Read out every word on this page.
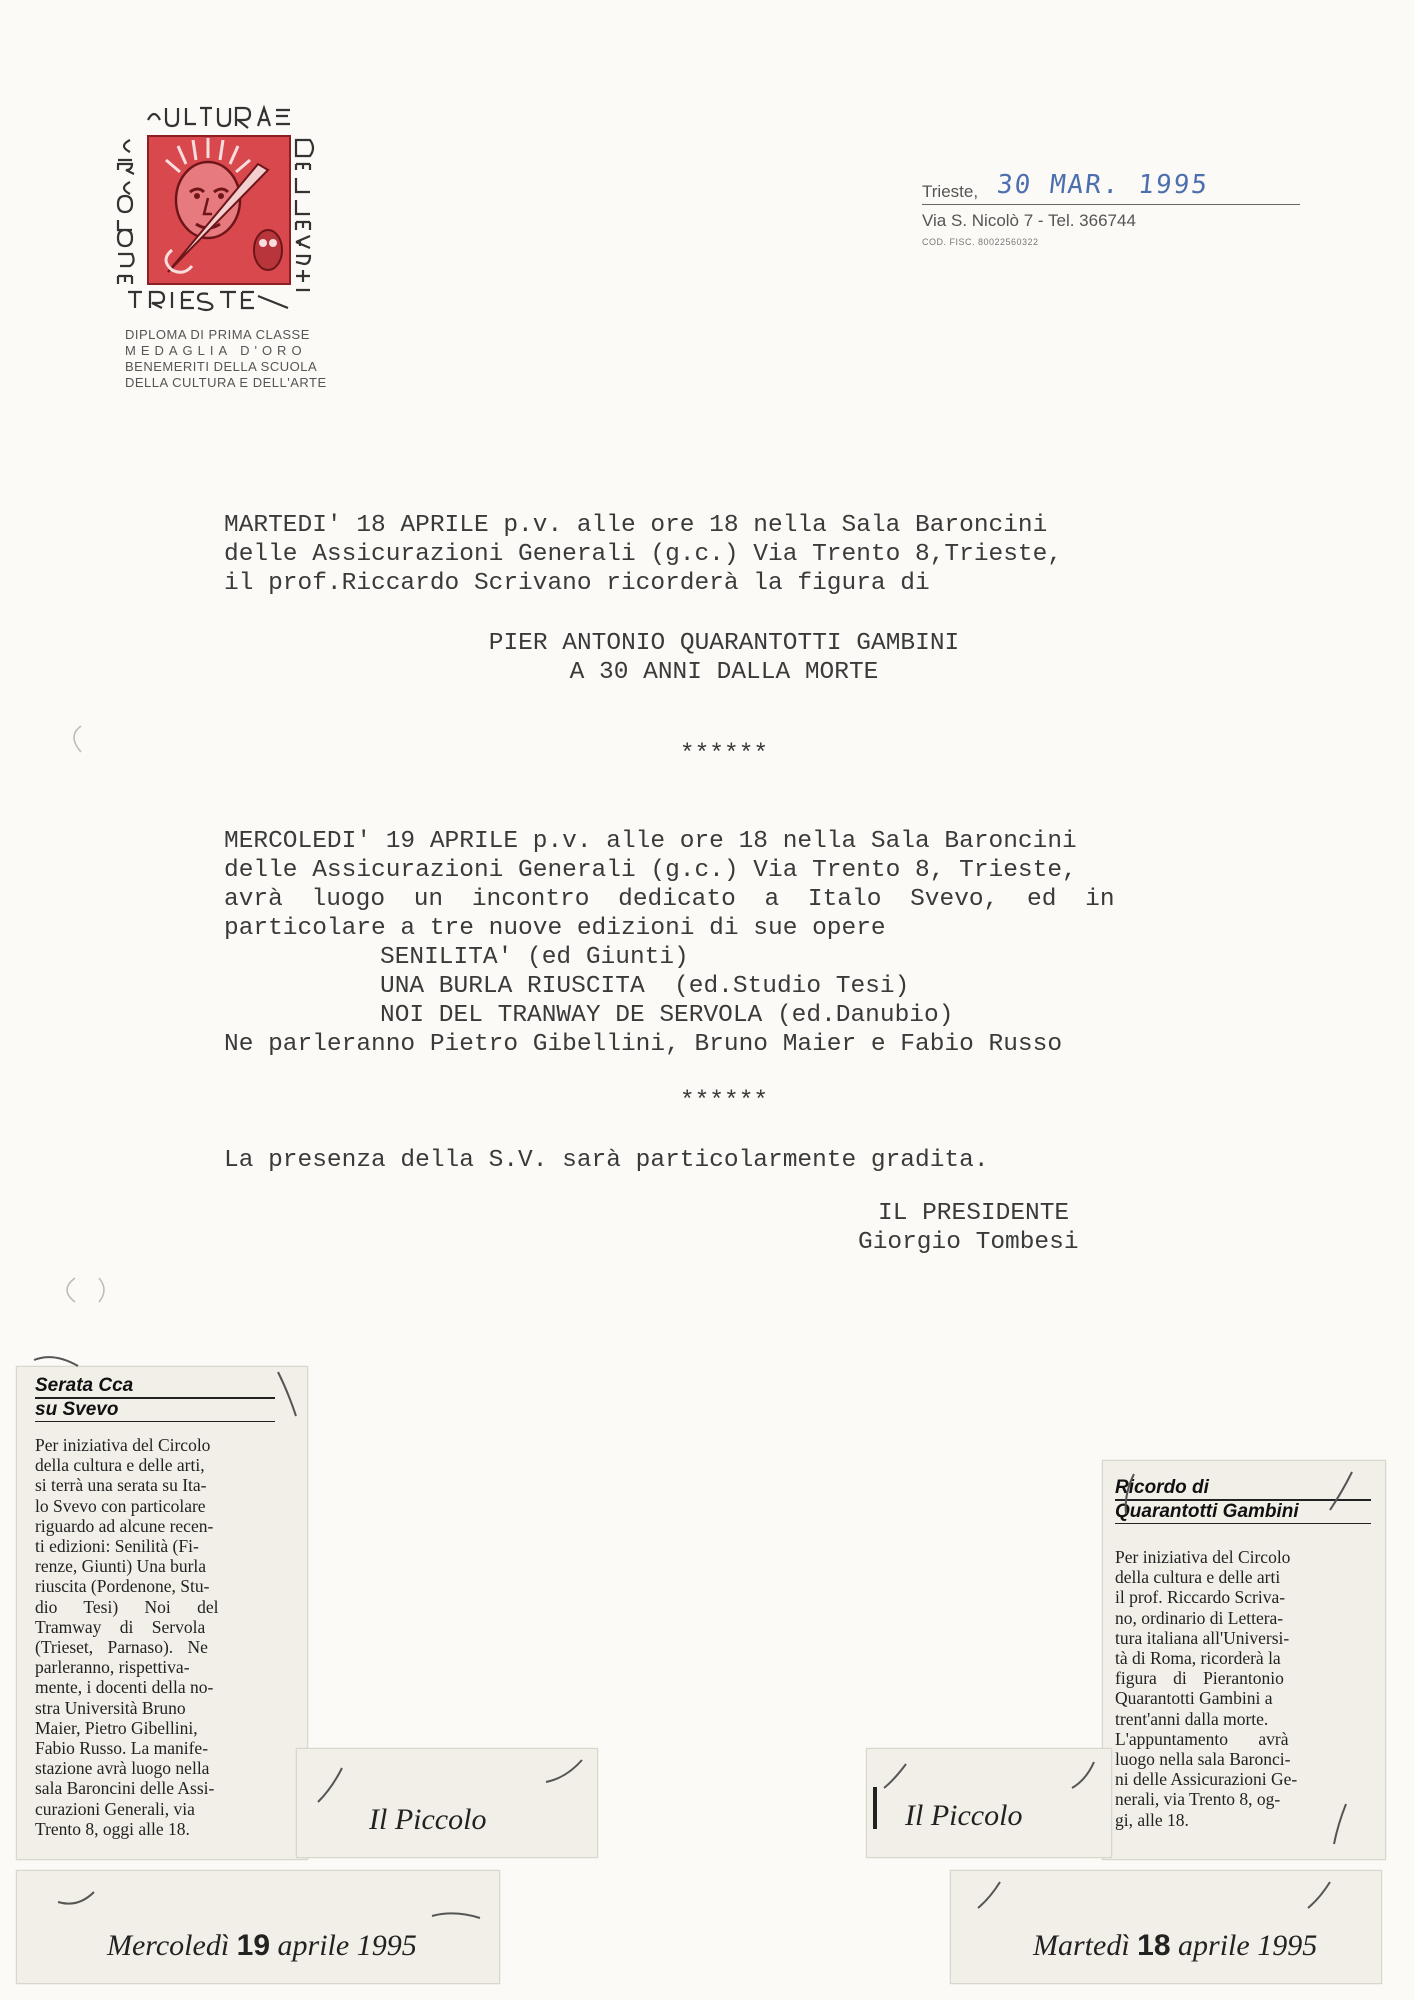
DIPLOMA DI PRIMA CLASSE
MEDAGLIA D'ORO
BENEMERITI DELLA SCUOLA
DELLA CULTURA E DELL'ARTE
Trieste, 30 MAR. 1995
Via S. Nicolò 7 - Tel. 366744
COD. FISC. 80022560322

MARTEDI' 18 APRILE p.v. alle ore 18 nella Sala Baroncini

delle Assicurazioni Generali (g.c.) Via Trento 8,Trieste,

il prof.Riccardo Scrivano ricorderà la figura di

PIER ANTONIO QUARANTOTTI GAMBINI

A 30 ANNI DALLA MORTE

******

MERCOLEDI' 19 APRILE p.v. alle ore 18 nella Sala Baroncini

delle Assicurazioni Generali (g.c.) Via Trento 8, Trieste,

avrà luogo un incontro dedicato a Italo Svevo, ed in

particolare a tre nuove edizioni di sue opere

SENILITA' (ed Giunti)

UNA BURLA RIUSCITA  (ed.Studio Tesi)

NOI DEL TRANWAY DE SERVOLA (ed.Danubio)

Ne parleranno Pietro Gibellini, Bruno Maier e Fabio Russo

******

La presenza della S.V. sarà particolarmente gradita.

IL PRESIDENTE

Giorgio Tombesi

Serata Cca
su Svevo
Per iniziativa del Circolo
della cultura e delle arti,
si terrà una serata su Ita-
lo Svevo con particolare
riguardo ad alcune recen-
ti edizioni: Senilità (Fi-
renze, Giunti) Una burla
riuscita (Pordenone, Stu-
dio Tesi) Noi del
Tramway di Servola
(Trieset, Parnaso). Ne
parleranno, rispettiva-
mente, i docenti della no-
stra Università Bruno
Maier, Pietro Gibellini,
Fabio Russo. La manife-
stazione avrà luogo nella
sala Baroncini delle Assi-
curazioni Generali, via
Trento 8, oggi alle 18.	Il Piccolo
Mercoledì 19 aprile 1995
Ricordo di
Quarantotti Gambini
Per iniziativa del Circolo
della cultura e delle arti
il prof. Riccardo Scriva-
no, ordinario di Lettera-
tura italiana all'Universi-
tà di Roma, ricorderà la
figura di Pierantonio
Quarantotti Gambini a
trent'anni dalla morte.
L'appuntamento avrà
luogo nella sala Baronci-
ni delle Assicurazioni Ge-
nerali, via Trento 8, og-
gi, alle 18.
Il Piccolo
Martedì 18 aprile 1995
